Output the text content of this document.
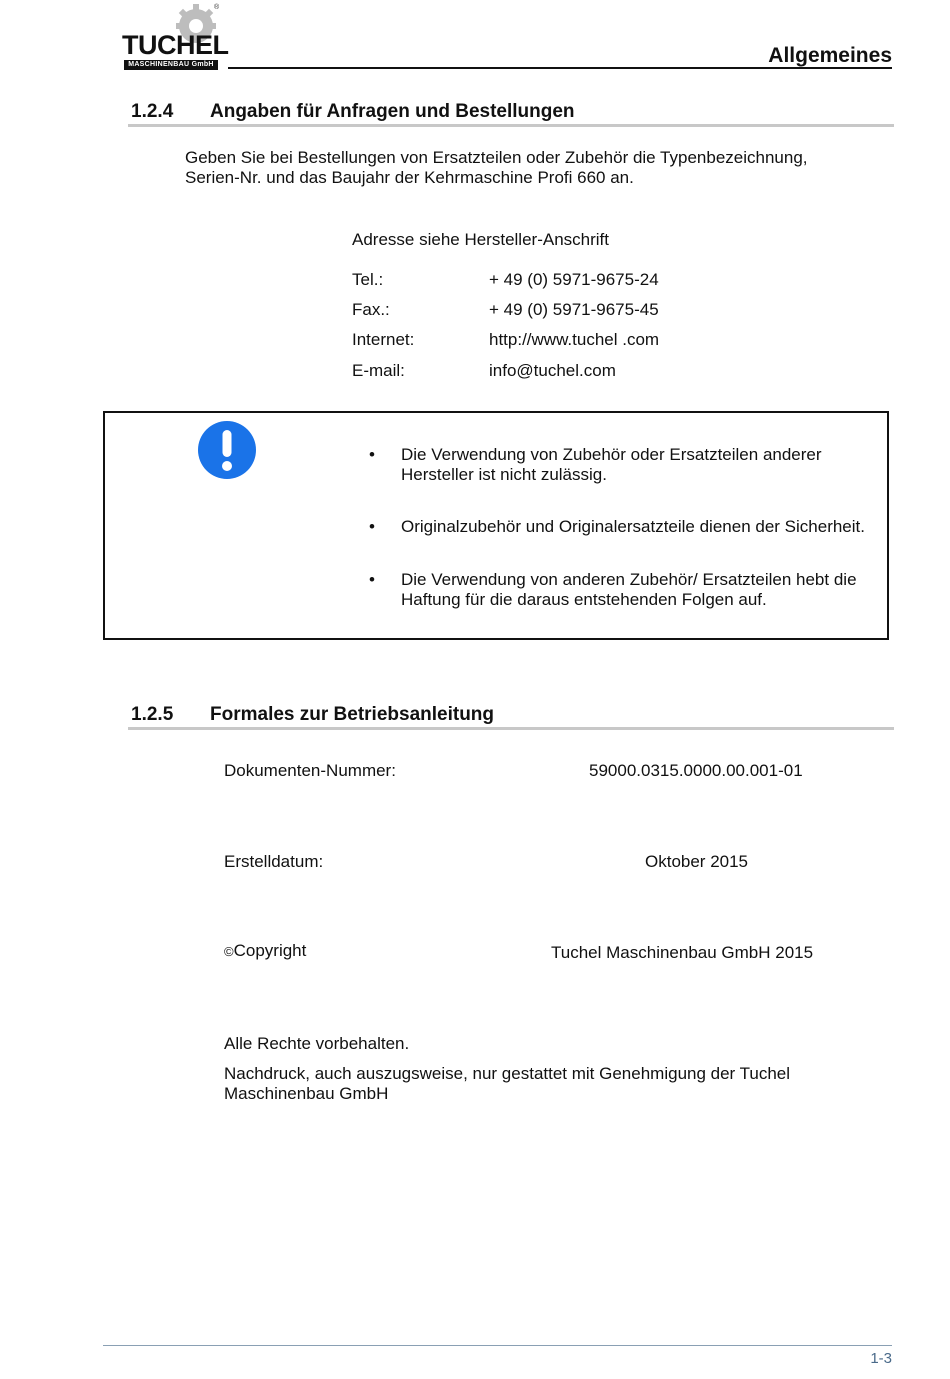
TUCHEL
MASCHINENBAU GmbH
®
Allgemeines
1.2.4 Angaben für Anfragen und Bestellungen
Geben Sie bei Bestellungen von Ersatzteilen oder Zubehör die Typenbezeichnung,
Serien-Nr. und das Baujahr der Kehrmaschine Profi 660 an.
Adresse siehe Hersteller-Anschrift
Tel.:	+ 49 (0) 5971-9675-24
Fax.:	+ 49 (0) 5971-9675-45
Internet:	http://www.tuchel .com
E-mail:	info@tuchel.com
• Die Verwendung von Zubehör oder Ersatzteilen anderer
Hersteller ist nicht zulässig.
• Originalzubehör und Originalersatzteile dienen der Sicherheit.
• Die Verwendung von anderen Zubehör/ Ersatzteilen hebt die
Haftung für die daraus entstehenden Folgen auf.
1.2.5 Formales zur Betriebsanleitung
Dokumenten-Nummer:	59000.0315.0000.00.001-01
Erstelldatum:	Oktober 2015
©Copyright	Tuchel Maschinenbau GmbH 2015
Alle Rechte vorbehalten.
Nachdruck, auch auszugsweise, nur gestattet mit Genehmigung der Tuchel
Maschinenbau GmbH
1-3
